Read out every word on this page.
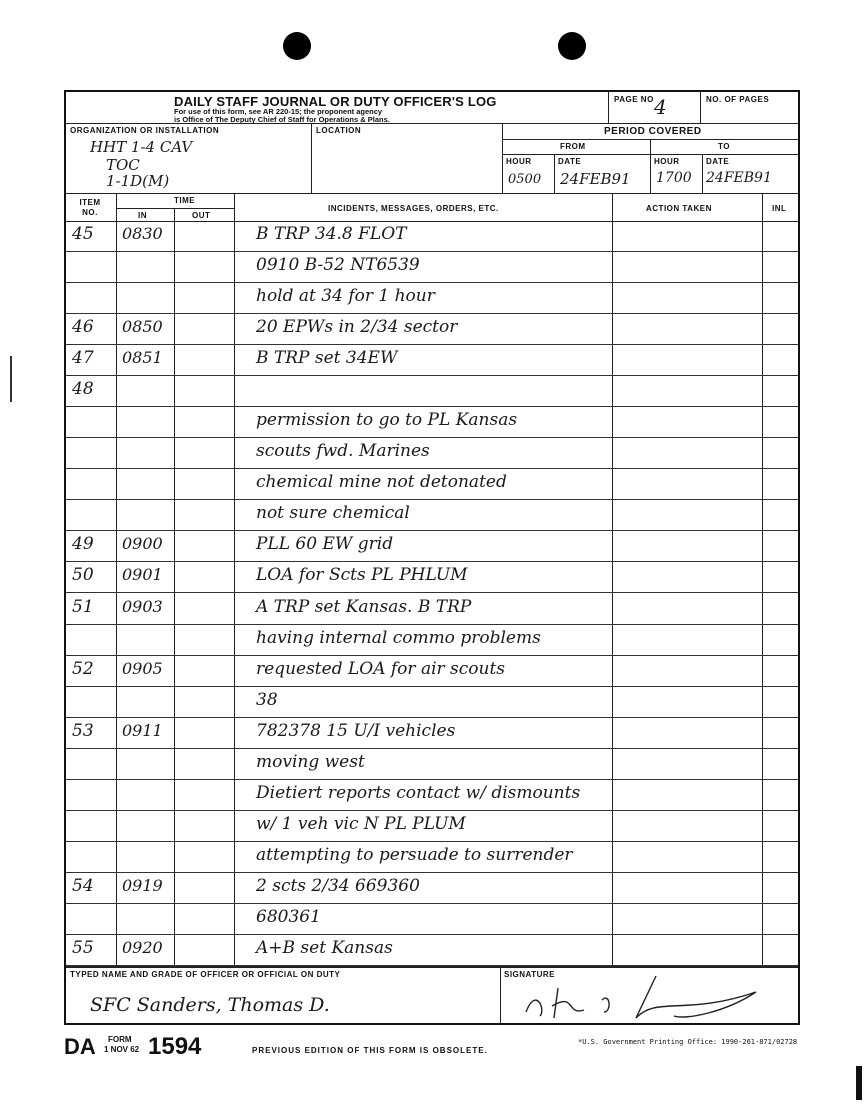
DAILY STAFF JOURNAL OR DUTY OFFICER'S LOG
For use of this form, see AR 220-15; the proponent agency
is Office of The Deputy Chief of Staff for Operations & Plans.
PAGE NO 4	NO. OF PAGES
ORGANIZATION OR INSTALLATION
HHT 1-4 CAV
TOC
1-1D(M)
LOCATION	PERIOD COVERED
FROM	TO
HOUR	DATE	HOUR	DATE
0500 24FEB91 1700 24FEB91
ITEM NO.
TIME
IN	OUT
INCIDENTS, MESSAGES, ORDERS, ETC.	ACTION TAKEN	INL
45 0830	B TRP 34.8 FLOT
0910 B-52 NT6539
hold at 34 for 1 hour
46 0850	20 EPWs in 2/34 sector
47 0851	B TRP set 34EW
48
permission to go to PL Kansas
scouts fwd. Marines
chemical mine not detonated
not sure chemical
49 0900	PLL 60 EW grid
50 0901	LOA for Scts PL PHLUM
51 0903	A TRP set Kansas. B TRP
having internal commo problems
52 0905	requested LOA for air scouts
38
53 0911	782378 15 U/I vehicles
moving west
Dietiert reports contact w/ dismounts
w/ 1 veh vic N PL PLUM
attempting to persuade to surrender
54 0919	2 scts 2/34 669360
680361
55 0920	A+B set Kansas
TYPED NAME AND GRADE OF OFFICER OR OFFICIAL ON DUTY
SFC Sanders, Thomas D.
SIGNATURE
DA FORM
1 NOV 62 1594	PREVIOUS EDITION OF THIS FORM IS OBSOLETE.
*U.S. Government Printing Office: 1990-261-871/02728
